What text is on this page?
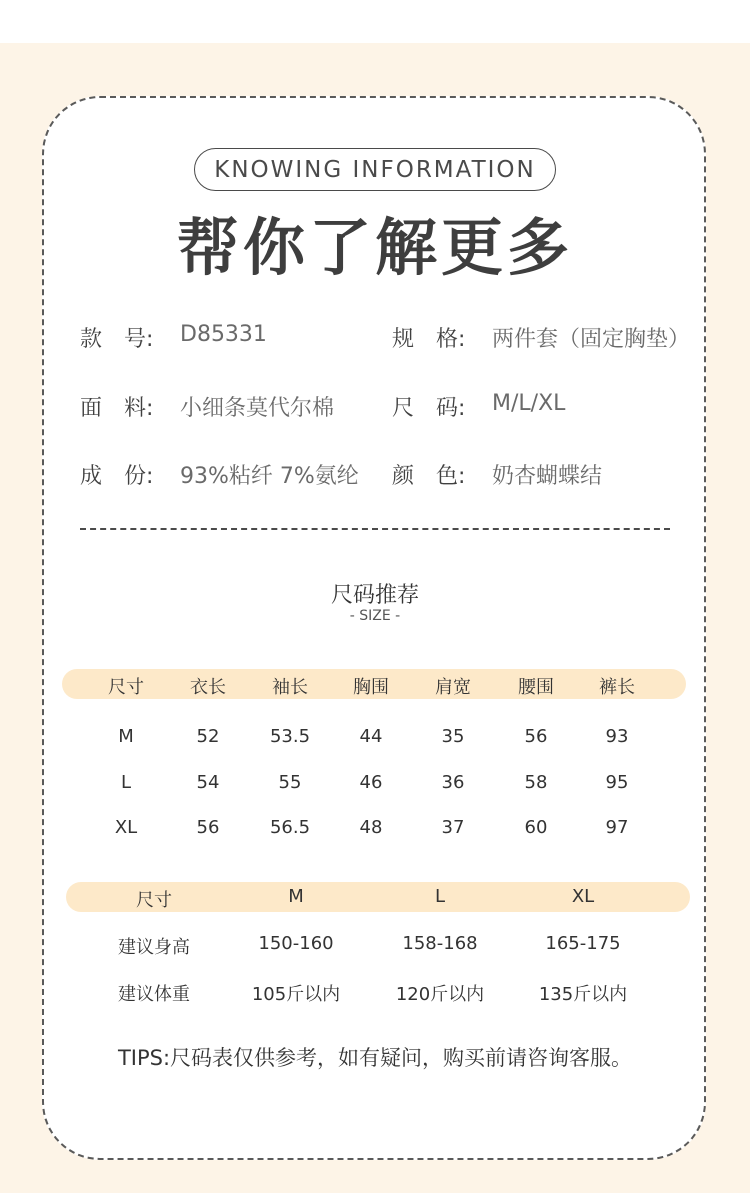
KNOWING INFORMATION
帮你了解更多
款　号: D85331
面　料: 小细条莫代尔棉
成　份: 93%粘纤 7%氨纶
规　格: 两件套（固定胸垫）
尺　码: M/L/XL
颜　色: 奶杏蝴蝶结
尺码推荐
- SIZE -
尺寸	衣长	袖长	胸围	肩宽	腰围	裤长
M	52	53.5	44	35	56	93
L	54	55	46	36	58	95
XL	56	56.5	48	37	60	97
尺寸	M	L	XL
建议身高	150-160	158-168	165-175
建议体重	105斤以内	120斤以内	135斤以内
TIPS:尺码表仅供参考，如有疑问，购买前请咨询客服。
